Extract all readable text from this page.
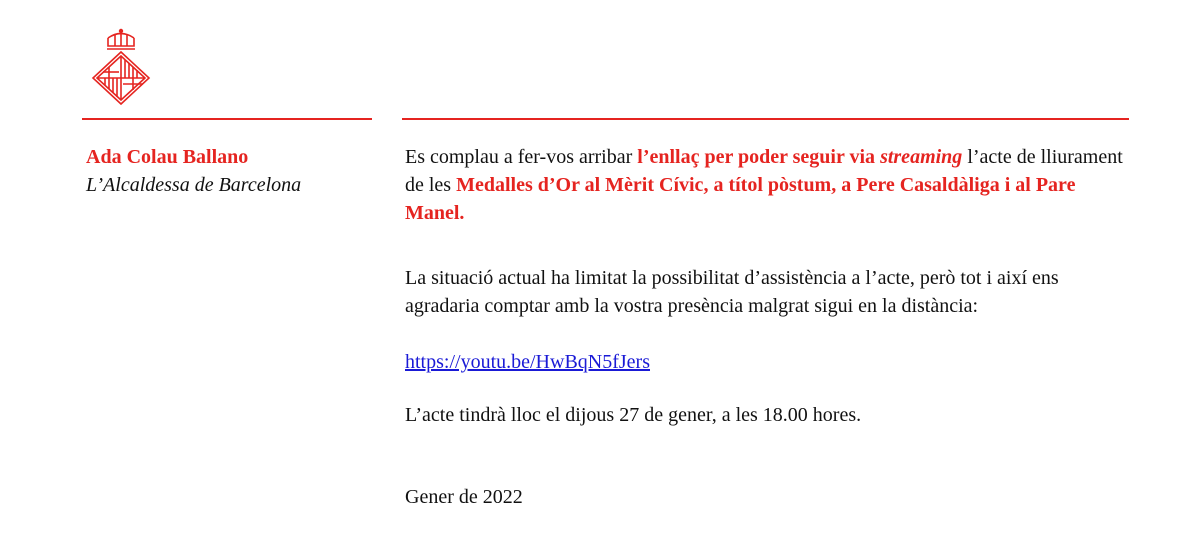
Ada Colau Ballano
L’Alcaldessa de Barcelona

Es complau a fer-vos arribar l’enllaç per poder seguir via streaming l’acte de lliurament de les Medalles d’Or al Mèrit Cívic, a títol pòstum, a Pere Casaldàliga i al Pare Manel.

La situació actual ha limitat la possibilitat d’assistència a l’acte, però tot i així ens agradaria comptar amb la vostra presència malgrat sigui en la distància:

https://youtu.be/HwBqN5fJers

L’acte tindrà lloc el dijous 27 de gener, a les 18.00 hores.

Gener de 2022
